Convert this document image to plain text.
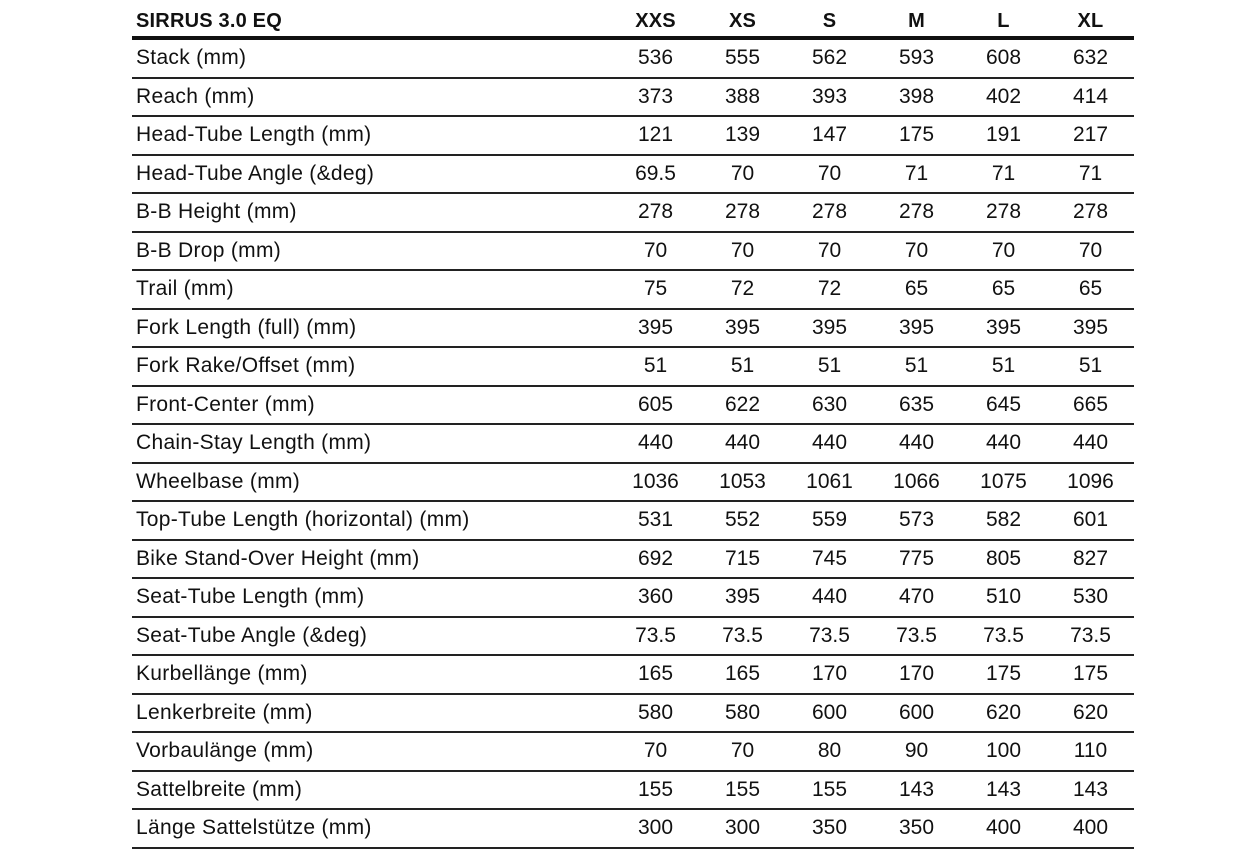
SIRRUS 3.0 EQ	XXS	XS	S	M	L	XL
Stack (mm)	536	555	562	593	608	632
Reach (mm)	373	388	393	398	402	414
Head-Tube Length (mm)	121	139	147	175	191	217
Head-Tube Angle (&deg)	69.5	70	70	71	71	71
B-B Height (mm)	278	278	278	278	278	278
B-B Drop (mm)	70	70	70	70	70	70
Trail (mm)	75	72	72	65	65	65
Fork Length (full) (mm)	395	395	395	395	395	395
Fork Rake/Offset (mm)	51	51	51	51	51	51
Front-Center (mm)	605	622	630	635	645	665
Chain-Stay Length (mm)	440	440	440	440	440	440
Wheelbase (mm)	1036	1053	1061	1066	1075	1096
Top-Tube Length (horizontal) (mm)	531	552	559	573	582	601
Bike Stand-Over Height (mm)	692	715	745	775	805	827
Seat-Tube Length (mm)	360	395	440	470	510	530
Seat-Tube Angle (&deg)	73.5	73.5	73.5	73.5	73.5	73.5
Kurbellänge (mm)	165	165	170	170	175	175
Lenkerbreite (mm)	580	580	600	600	620	620
Vorbaulänge (mm)	70	70	80	90	100	110
Sattelbreite (mm)	155	155	155	143	143	143
Länge Sattelstütze (mm)	300	300	350	350	400	400
